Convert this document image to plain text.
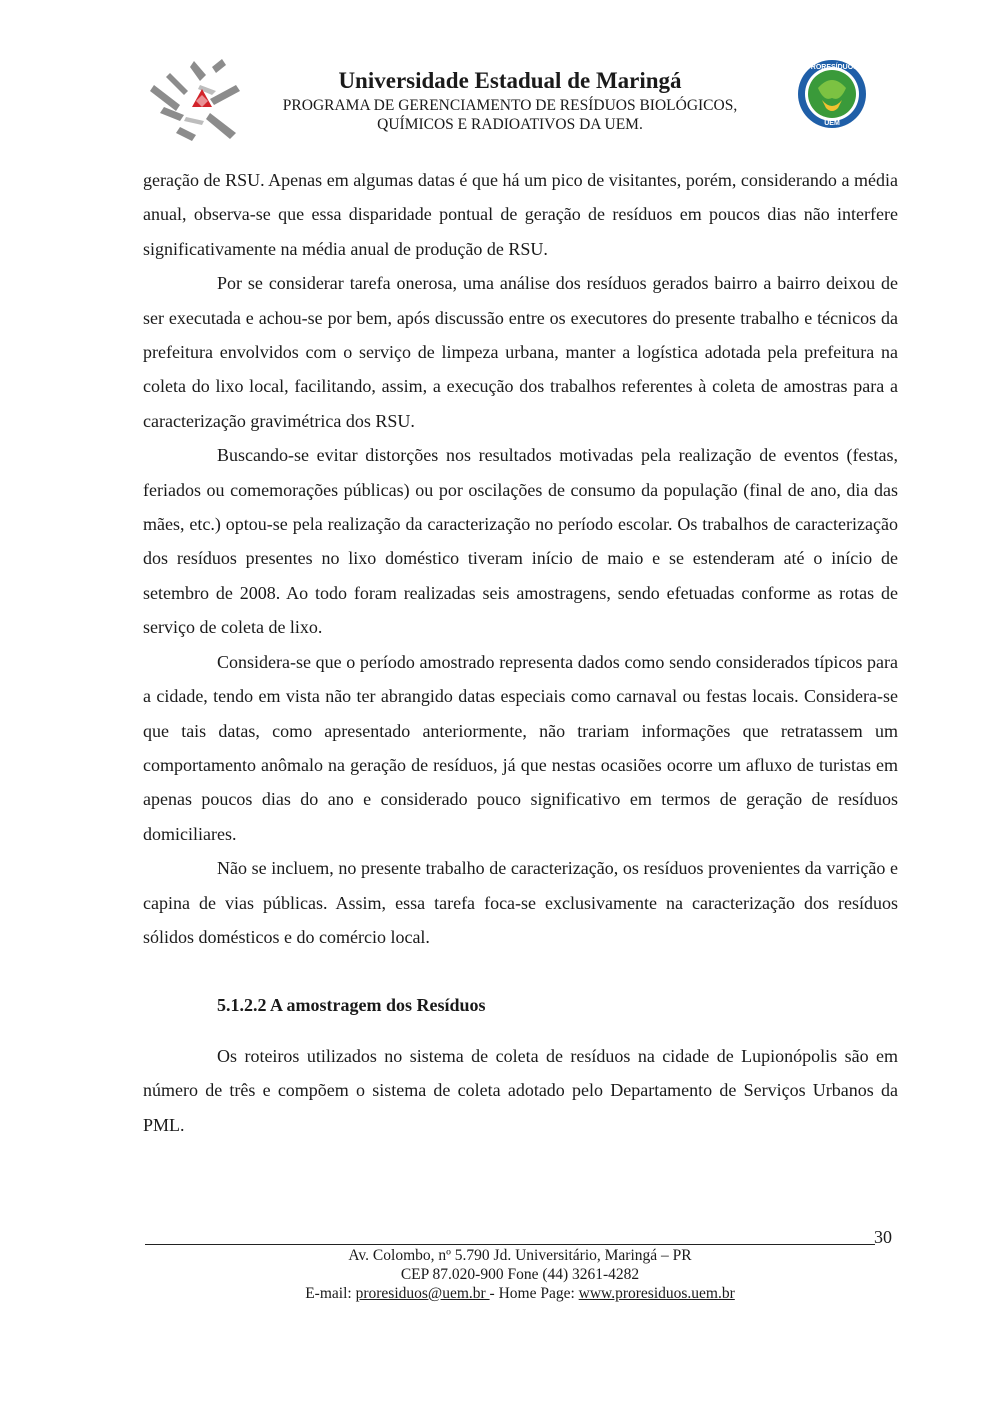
Universidade Estadual de Maringá
PROGRAMA DE GERENCIAMENTO DE RESÍDUOS BIOLÓGICOS,
QUÍMICOS E RADIOATIVOS DA UEM.
PRORESÍDUOS
UEM

geração de RSU. Apenas em algumas datas é que há um pico de visitantes, porém, considerando a média anual, observa-se que essa disparidade pontual de geração de resíduos em poucos dias não interfere significativamente na média anual de produção de RSU.

Por se considerar tarefa onerosa, uma análise dos resíduos gerados bairro a bairro deixou de ser executada e achou-se por bem, após discussão entre os executores do presente trabalho e técnicos da prefeitura envolvidos com o serviço de limpeza urbana, manter a logística adotada pela prefeitura na coleta do lixo local, facilitando, assim, a execução dos trabalhos referentes à coleta de amostras para a caracterização gravimétrica dos RSU.

Buscando-se evitar distorções nos resultados motivadas pela realização de eventos (festas, feriados ou comemorações públicas) ou por oscilações de consumo da população (final de ano, dia das mães, etc.) optou-se pela realização da caracterização no período escolar. Os trabalhos de caracterização dos resíduos presentes no lixo doméstico tiveram início de maio e se estenderam até o início de setembro de 2008. Ao todo foram realizadas seis amostragens, sendo efetuadas conforme as rotas de serviço de coleta de lixo.

Considera-se que o período amostrado representa dados como sendo considerados típicos para a cidade, tendo em vista não ter abrangido datas especiais como carnaval ou festas locais. Considera-se que tais datas, como apresentado anteriormente, não trariam informações que retratassem um comportamento anômalo na geração de resíduos, já que nestas ocasiões ocorre um afluxo de turistas em apenas poucos dias do ano e considerado pouco significativo em termos de geração de resíduos domiciliares.

Não se incluem, no presente trabalho de caracterização, os resíduos provenientes da varrição e capina de vias públicas. Assim, essa tarefa foca-se exclusivamente na caracterização dos resíduos sólidos domésticos e do comércio local.

5.1.2.2 A amostragem dos Resíduos

Os roteiros utilizados no sistema de coleta de resíduos na cidade de Lupionópolis são em número de três e compõem o sistema de coleta adotado pelo Departamento de Serviços Urbanos da PML.

30
Av. Colombo, nº 5.790 Jd. Universitário, Maringá – PR
CEP 87.020-900 Fone (44) 3261-4282
E-mail: proresiduos@uem.br - Home Page: www.proresiduos.uem.br
